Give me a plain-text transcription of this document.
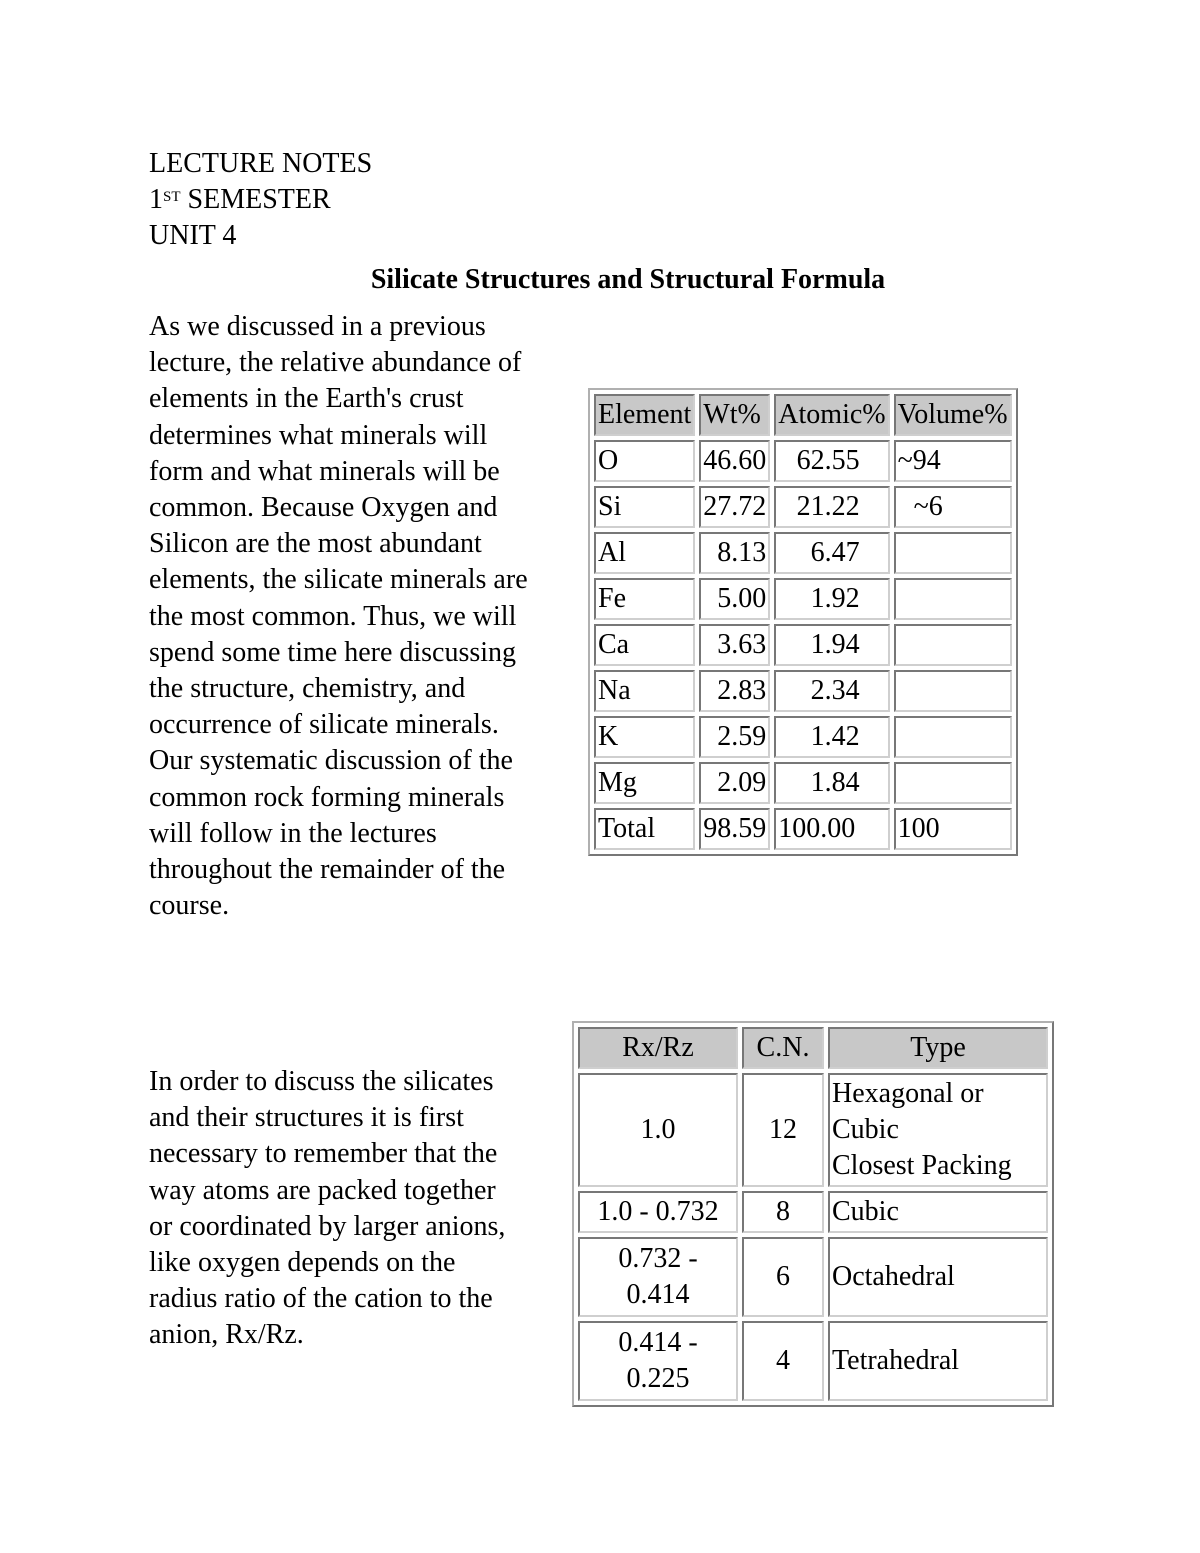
LECTURE NOTES
1ST SEMESTER
UNIT 4
Silicate Structures and Structural Formula
As we discussed in a previous
lecture, the relative abundance of
elements in the Earth's crust
determines what minerals will
form and what minerals will be
common. Because Oxygen and
Silicon are the most abundant
elements, the silicate minerals are
the most common. Thus, we will
spend some time here discussing
the structure, chemistry, and
occurrence of silicate minerals.
Our systematic discussion of the
common rock forming minerals
will follow in the lectures
throughout the remainder of the
course.
Element	Wt%	Atomic%	Volume%
O	46.60	62.55	~94
Si	27.72	21.22	~6
Al	8.13	6.47	
Fe	5.00	1.92	
Ca	3.63	1.94	
Na	2.83	2.34	
K	2.59	1.42	
Mg	2.09	1.84	
Total	98.59	100.00	100
In order to discuss the silicates
and their structures it is first
necessary to remember that the
way atoms are packed together
or coordinated by larger anions,
like oxygen depends on the
radius ratio of the cation to the
anion, Rx/Rz.
Rx/Rz	C.N.	Type
1.0	12	Hexagonal or
Cubic
Closest Packing
1.0 - 0.732	8	Cubic
0.732 -
0.414	6	Octahedral
0.414 -
0.225	4	Tetrahedral
